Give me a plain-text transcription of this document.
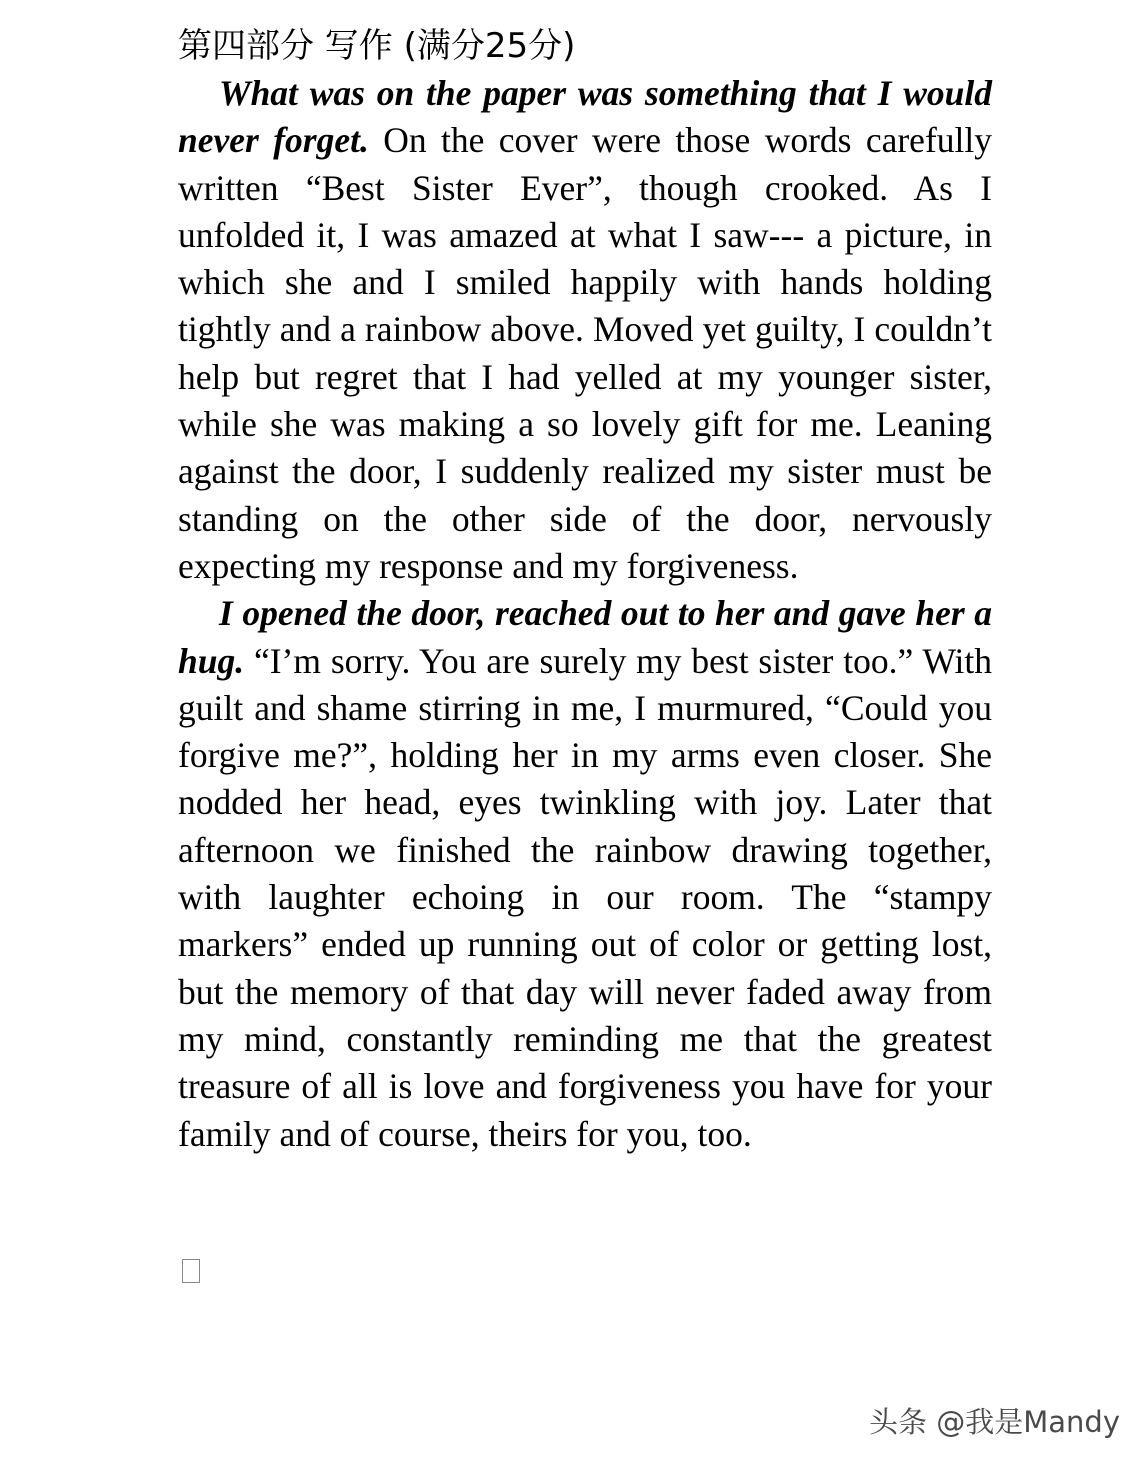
第四部分 写作 (满分25分)

What was on the paper was something that I would never forget. On the cover were those words carefully written “Best Sister Ever”, though crooked. As I unfolded it, I was amazed at what I saw--- a picture, in which she and I smiled happily with hands holding tightly and a rainbow above. Moved yet guilty, I couldn’t help but regret that I had yelled at my younger sister, while she was making a so lovely gift for me. Leaning against the door, I suddenly realized my sister must be standing on the other side of the door, nervously expecting my response and my forgiveness.

I opened the door, reached out to her and gave her a hug. “I’m sorry. You are surely my best sister too.” With guilt and shame stirring in me, I murmured, “Could you forgive me?”, holding her in my arms even closer. She nodded her head, eyes twinkling with joy. Later that afternoon we finished the rainbow drawing together, with laughter echoing in our room. The “stampy markers” ended up running out of color or getting lost, but the memory of that day will never faded away from my mind, constantly reminding me that the greatest treasure of all is love and forgiveness you have for your family and of course, theirs for you, too.

头条 @我是Mandy
